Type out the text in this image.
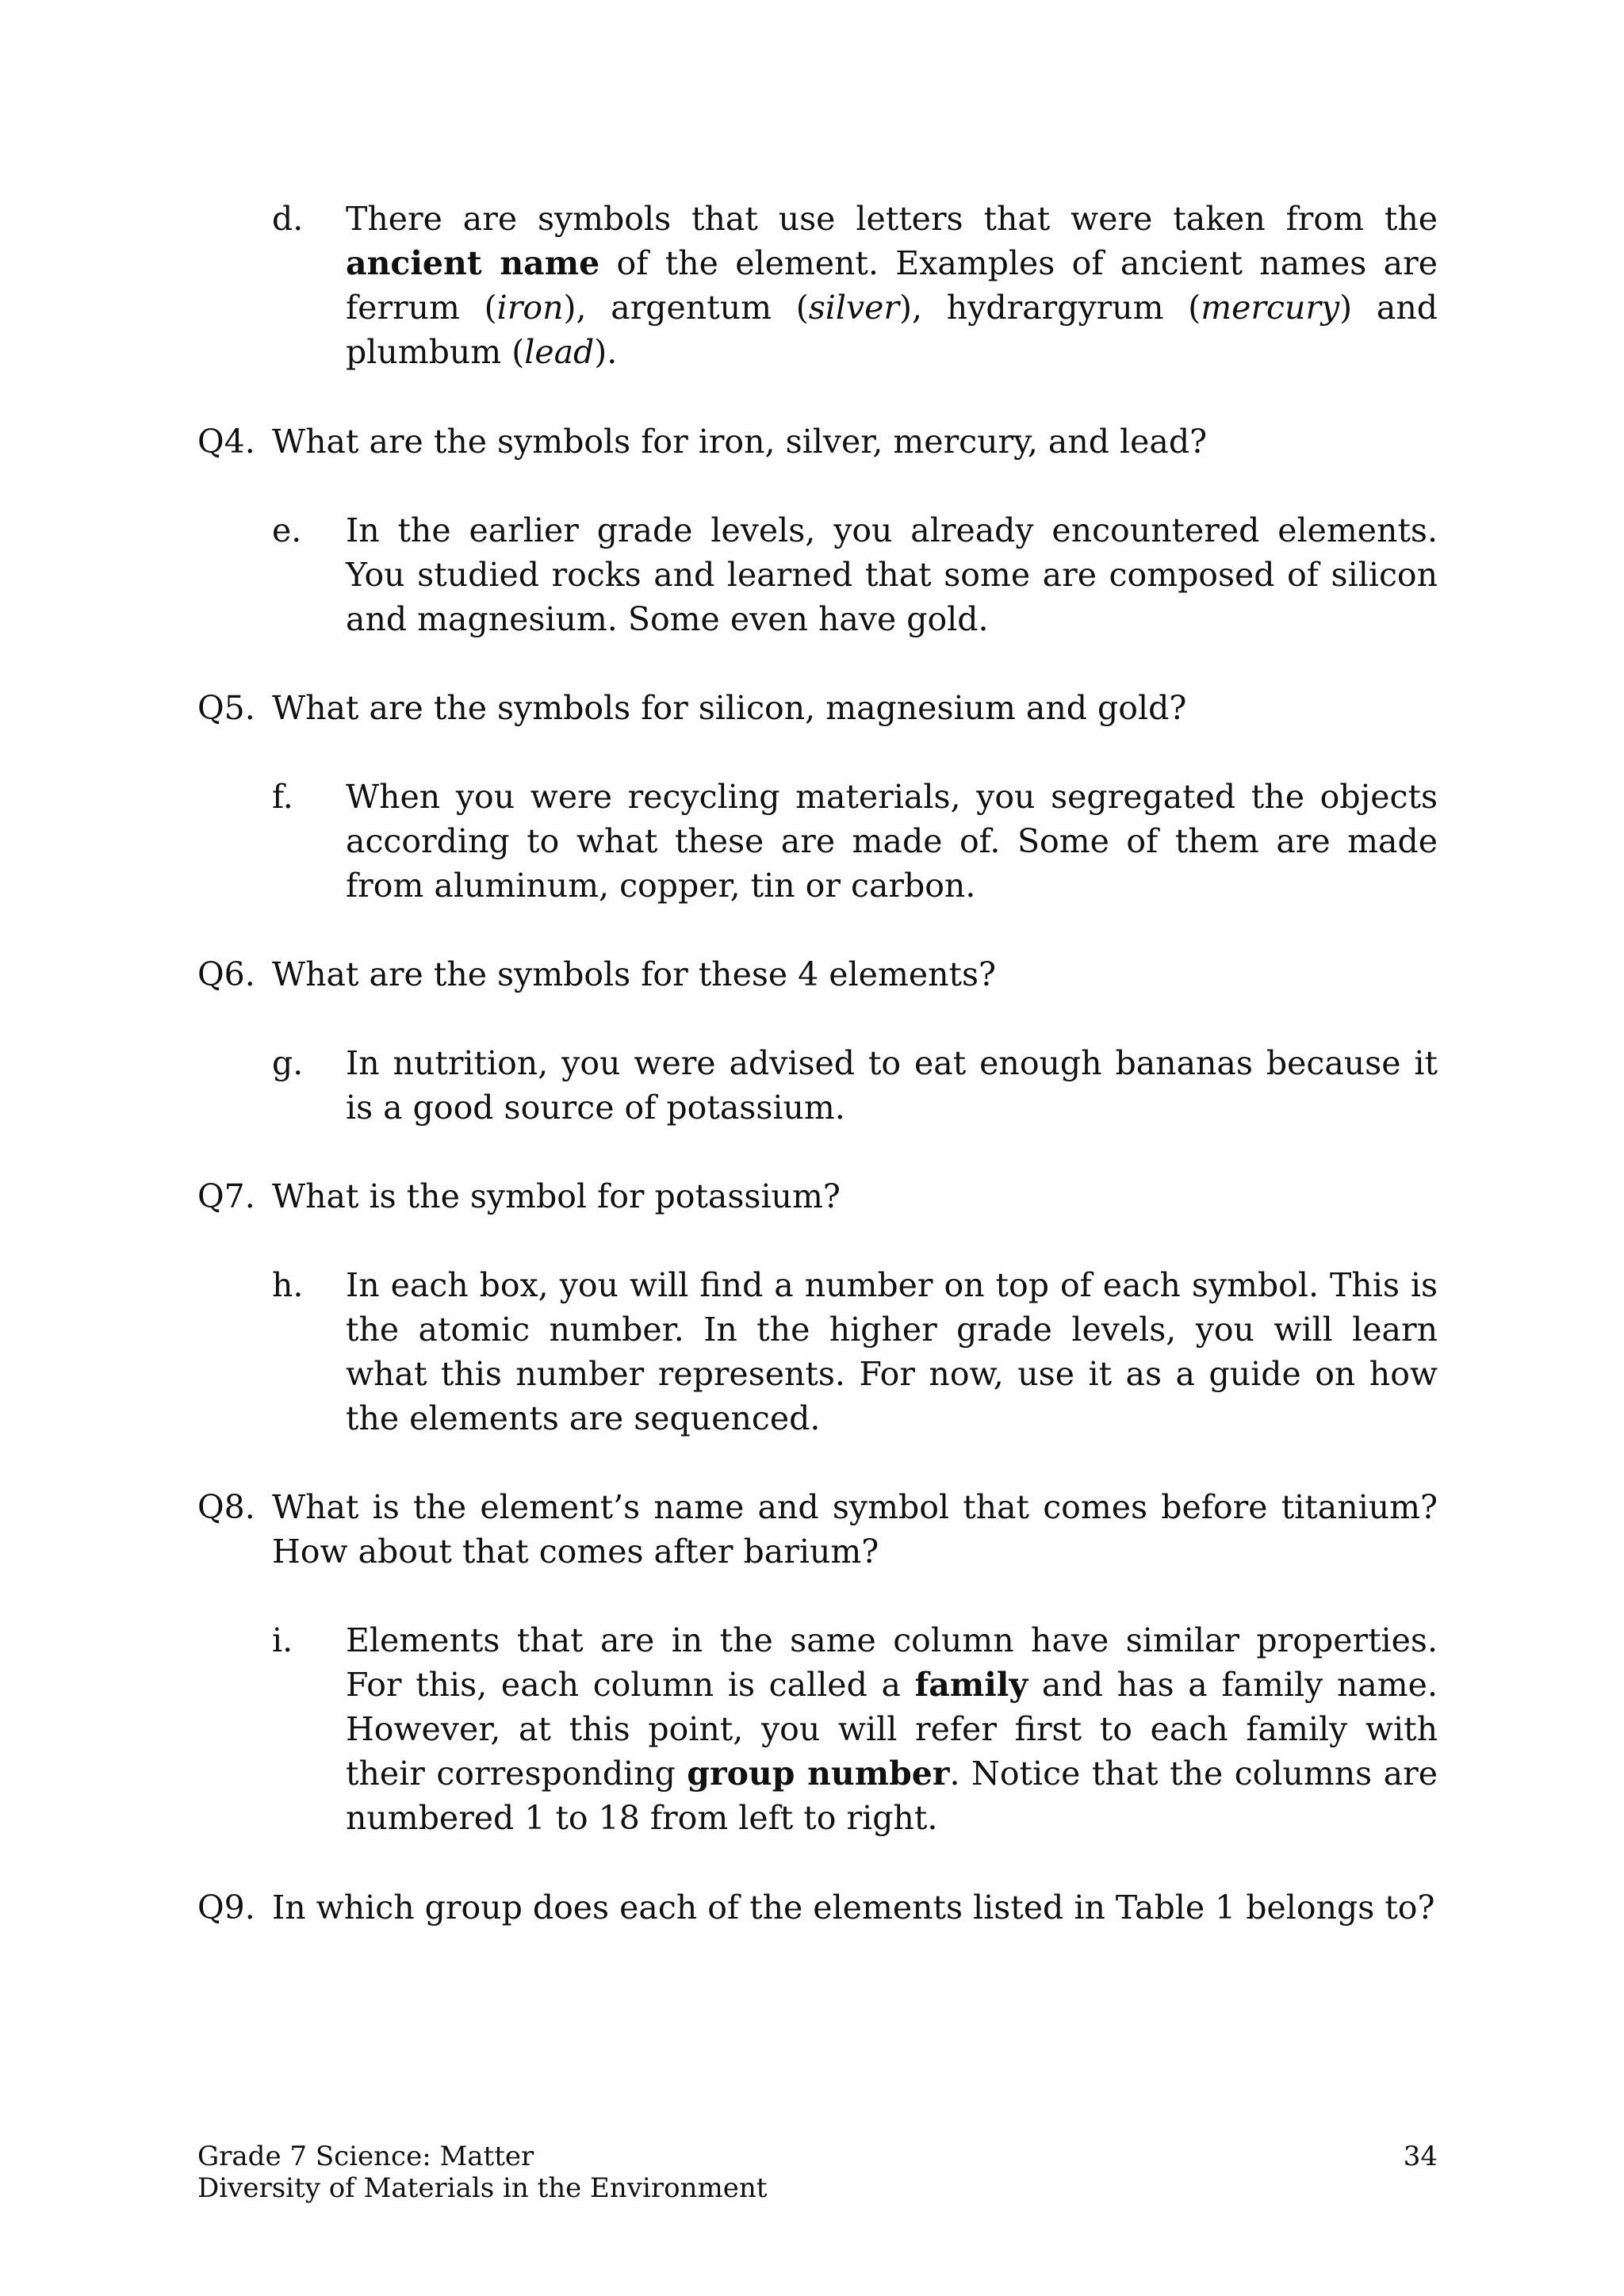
d. There are symbols that use letters that were taken from the ancient name of the element. Examples of ancient names are ferrum (iron), argentum (silver), hydrargyrum (mercury) and plumbum (lead).
Q4. What are the symbols for iron, silver, mercury, and lead?
e. In the earlier grade levels, you already encountered elements. You studied rocks and learned that some are composed of silicon and magnesium. Some even have gold.
Q5. What are the symbols for silicon, magnesium and gold?
f. When you were recycling materials, you segregated the objects according to what these are made of. Some of them are made from aluminum, copper, tin or carbon.
Q6. What are the symbols for these 4 elements?
g. In nutrition, you were advised to eat enough bananas because it is a good source of potassium.
Q7. What is the symbol for potassium?
h. In each box, you will find a number on top of each symbol. This is the atomic number. In the higher grade levels, you will learn what this number represents. For now, use it as a guide on how the elements are sequenced.
Q8. What is the element’s name and symbol that comes before titanium? How about that comes after barium?
i. Elements that are in the same column have similar properties. For this, each column is called a family and has a family name. However, at this point, you will refer first to each family with their corresponding group number. Notice that the columns are numbered 1 to 18 from left to right.
Q9. In which group does each of the elements listed in Table 1 belongs to?
Grade 7 Science: Matter
Diversity of Materials in the Environment
34
